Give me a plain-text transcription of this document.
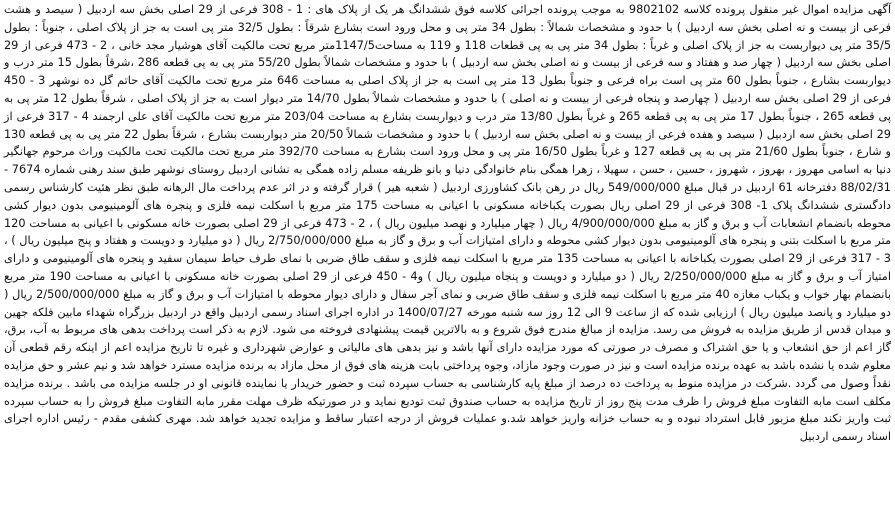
آگهی مزایده اموال غیر منقول پرونده کلاسه 9802102 به موجب پرونده اجرائی کلاسه فوق ششدانگ هر یک از پلاک های : 1 - 308 فرعی از 29 اصلی بخش سه اردبیل ( سیصد و هشت فرعی از بیست و نه اصلی بخش سه اردبیل ) با حدود و مشخصات شمالاً : بطول 34 متر پی و محل ورود است بشارع شرقاً : بطول 32/5 متر پی است به جز از پلاک اصلی ، جنوباً : بطول 35/5 متر پی دیواربست به جز از پلاک اصلی و غرباً : بطول 34 متر پی به پی قطعات 118 و 119 به مساحت1147/5متر مربع تحت مالکیت آقای هوشیار مجد خانی ، 2 - 473 فرعی از 29 اصلی بخش سه اردبیل ( چهار صد و هفتاد و سه فرعی از بیست و نه اصلی بخش سه اردبیل ) با حدود و مشخصات شمالاً بطول 55/20 متر پی به پی قطعه 286 ،شرقاً بطول 15 متر درب و دیواربست بشارع ، جنوباً بطول 60 متر پی است براه فرعی و جنوباً بطول 13 متر پی است به جز از پلاک اصلی به مساحت 646 متر مربع تحت مالکیت آقای حاتم گل ده نوشهر 3 - 450 فرعی از 29 اصلی بخش سه اردبیل ( چهارصد و پنجاه فرعی از بیست و نه اصلی ) با حدود و مشخصات شمالاً بطول 14/70 متر دیوار است به جز از پلاک اصلی ، شرقاً بطول 12 متر پی به پی قطعه 265 ، جنوباً بطول 17 متر پی به پی قطعه 265 و غرباً بطول 13/80 متر درب و دیواربست بشارع به مساحت 203/04 متر مربع تحت مالکیت آقای علی ارجمند 4 - 317 فرعی از 29 اصلی بخش سه اردبیل ( سیصد و هفده فرعی از بیست و نه اصلی بخش سه اردبیل ) با حدود و مشخصات شمالاً 20/50 متر دیواربست بشارع ، شرقاً بطول 22 متر پی به پی قطعه 130 و شارع ، جنوباً بطول 21/60 متر پی به پی قطعه 127 و غرباً بطول 16/50 متر پی و محل ورود است بشارع به مساحت 392/70 متر مربع تحت مالکیت تحت مالکیت وراث مرحوم جهانگیر دنیا به اسامی مهروز ، بهروز ، شهروز ، حسین ، حسن ، سهیلا ، زهرا همگی بنام خانوادگی دنیا و بانو ظریفه مسلم زاده همگی به نشانی اردبیل روستای نوشهر طبق سند رهنی شماره 7674 - 88/02/31 دفترخانه 61 اردبیل در قبال مبلغ 549/000/000 ریال در رهن بانک کشاورزی اردبیل ( شعبه هیر ) قرار گرفته و در اثر عدم پرداخت مال الرهانه طبق نظر هئیت کارشناس رسمی دادگستری ششدانگ پلاک 1- 308 فرعی از 29 اصلی ریال بصورت یکباخانه مسکونی با اعیانی به مساحت 175 متر مربع با اسکلت نیمه فلزی و پنجره های آلومینیومی بدون دیوار کشی محوطه بانضمام انشعابات آب و برق و گاز به مبلغ 4/900/000/000 ریال ( چهار میلیارد و نهصد میلیون ریال ) ، 2 - 473 فرعی از 29 اصلی بصورت خانه مسکونی با اعیانی به مساحت 120 متر مربع با اسکلت بتنی و پنجره های آلومینیومی بدون دیوار کشی محوطه و دارای امتیازات آب و برق و گاز به مبلغ 2/750/000/000 ریال ( دو میلیارد و دویست و هفتاد و پنج میلیون ریال ) ، 3 - 317 فرعی از 29 اصلی بصورت یکباخانه با اعیانی به مساحت 135 متر مربع با اسکلت نیمه فلزی و سقف طاق ضربی با نمای طرف حیاط سیمان سفید و پنجره های آلومینیومی و دارای امتیاز آب و برق و گاز به مبلغ 2/250/000/000 ریال ( دو میلیارد و دویست و پنجاه میلیون ریال ) و4 - 450 فرعی از 29 اصلی بصورت خانه مسکونی با اعیانی به مساحت 190 متر مربع بانضمام بهار خواب و یکباب مغازه 40 متر مربع با اسکلت نیمه فلزی و سقف طاق ضربی و نمای آجر سفال و دارای دیوار محوطه با امتیازات آب و برق و گاز به مبلغ 2/500/000/000 ریال ( دو میلیارد و پانصد میلیون ریال ) ارزیابی شده که از ساعت 9 الی 12 روز سه شنبه مورخه 1400/07/27 در اداره اجرای اسناد رسمی اردبیل واقع در اردبیل بزرگراه شهداء مابین فلکه جهین و میدان قدس از طریق مزایده به فروش می رسد. مزایده از مبالغ مندرج فوق شروع و به بالاترین قیمت پیشنهادی فروخته می شود. لازم به ذکر است پرداخت بدهی های مربوط به آب، برق، گاز اعم از حق انشعاب و یا حق اشتراک و مصرف در صورتی که مورد مزایده دارای آنها باشد و نیز بدهی های مالیاتی و عوارض شهرداری و غیره تا تاریخ مزایده اعم از اینکه رقم قطعی آن معلوم شده یا نشده باشد به عهده برنده مزایده است و نیز در صورت وجود مازاد، وجوه پرداختی بابت هزینه های فوق از محل مازاد به برنده مزایده مسترد خواهد شد و نیم عشر و حق مزایده نقداً وصول می گردد .شرکت در مزایده منوط به پرداخت ده درصد از مبلغ پایه کارشناسی به حساب سپرده ثبت و حضور خریدار یا نماینده قانونی او در جلسه مزایده می باشد . برنده مزایده مکلف است مابه التفاوت مبلغ فروش را ظرف مدت پنج روز از تاریخ مزایده به حساب صندوق ثبت تودیع نماید و در صورتیکه ظرف مهلت مقرر مابه التفاوت مبلغ فروش را به حساب سپرده ثبت واریز نکند مبلغ مزبور قابل استرداد نبوده و به حساب خزانه واریز خواهد شد.و عملیات فروش از درجه اعتبار ساقط و مزایده تجدید خواهد شد. مهری کشفی مقدم - رئیس اداره اجرای اسناد رسمی اردبیل
